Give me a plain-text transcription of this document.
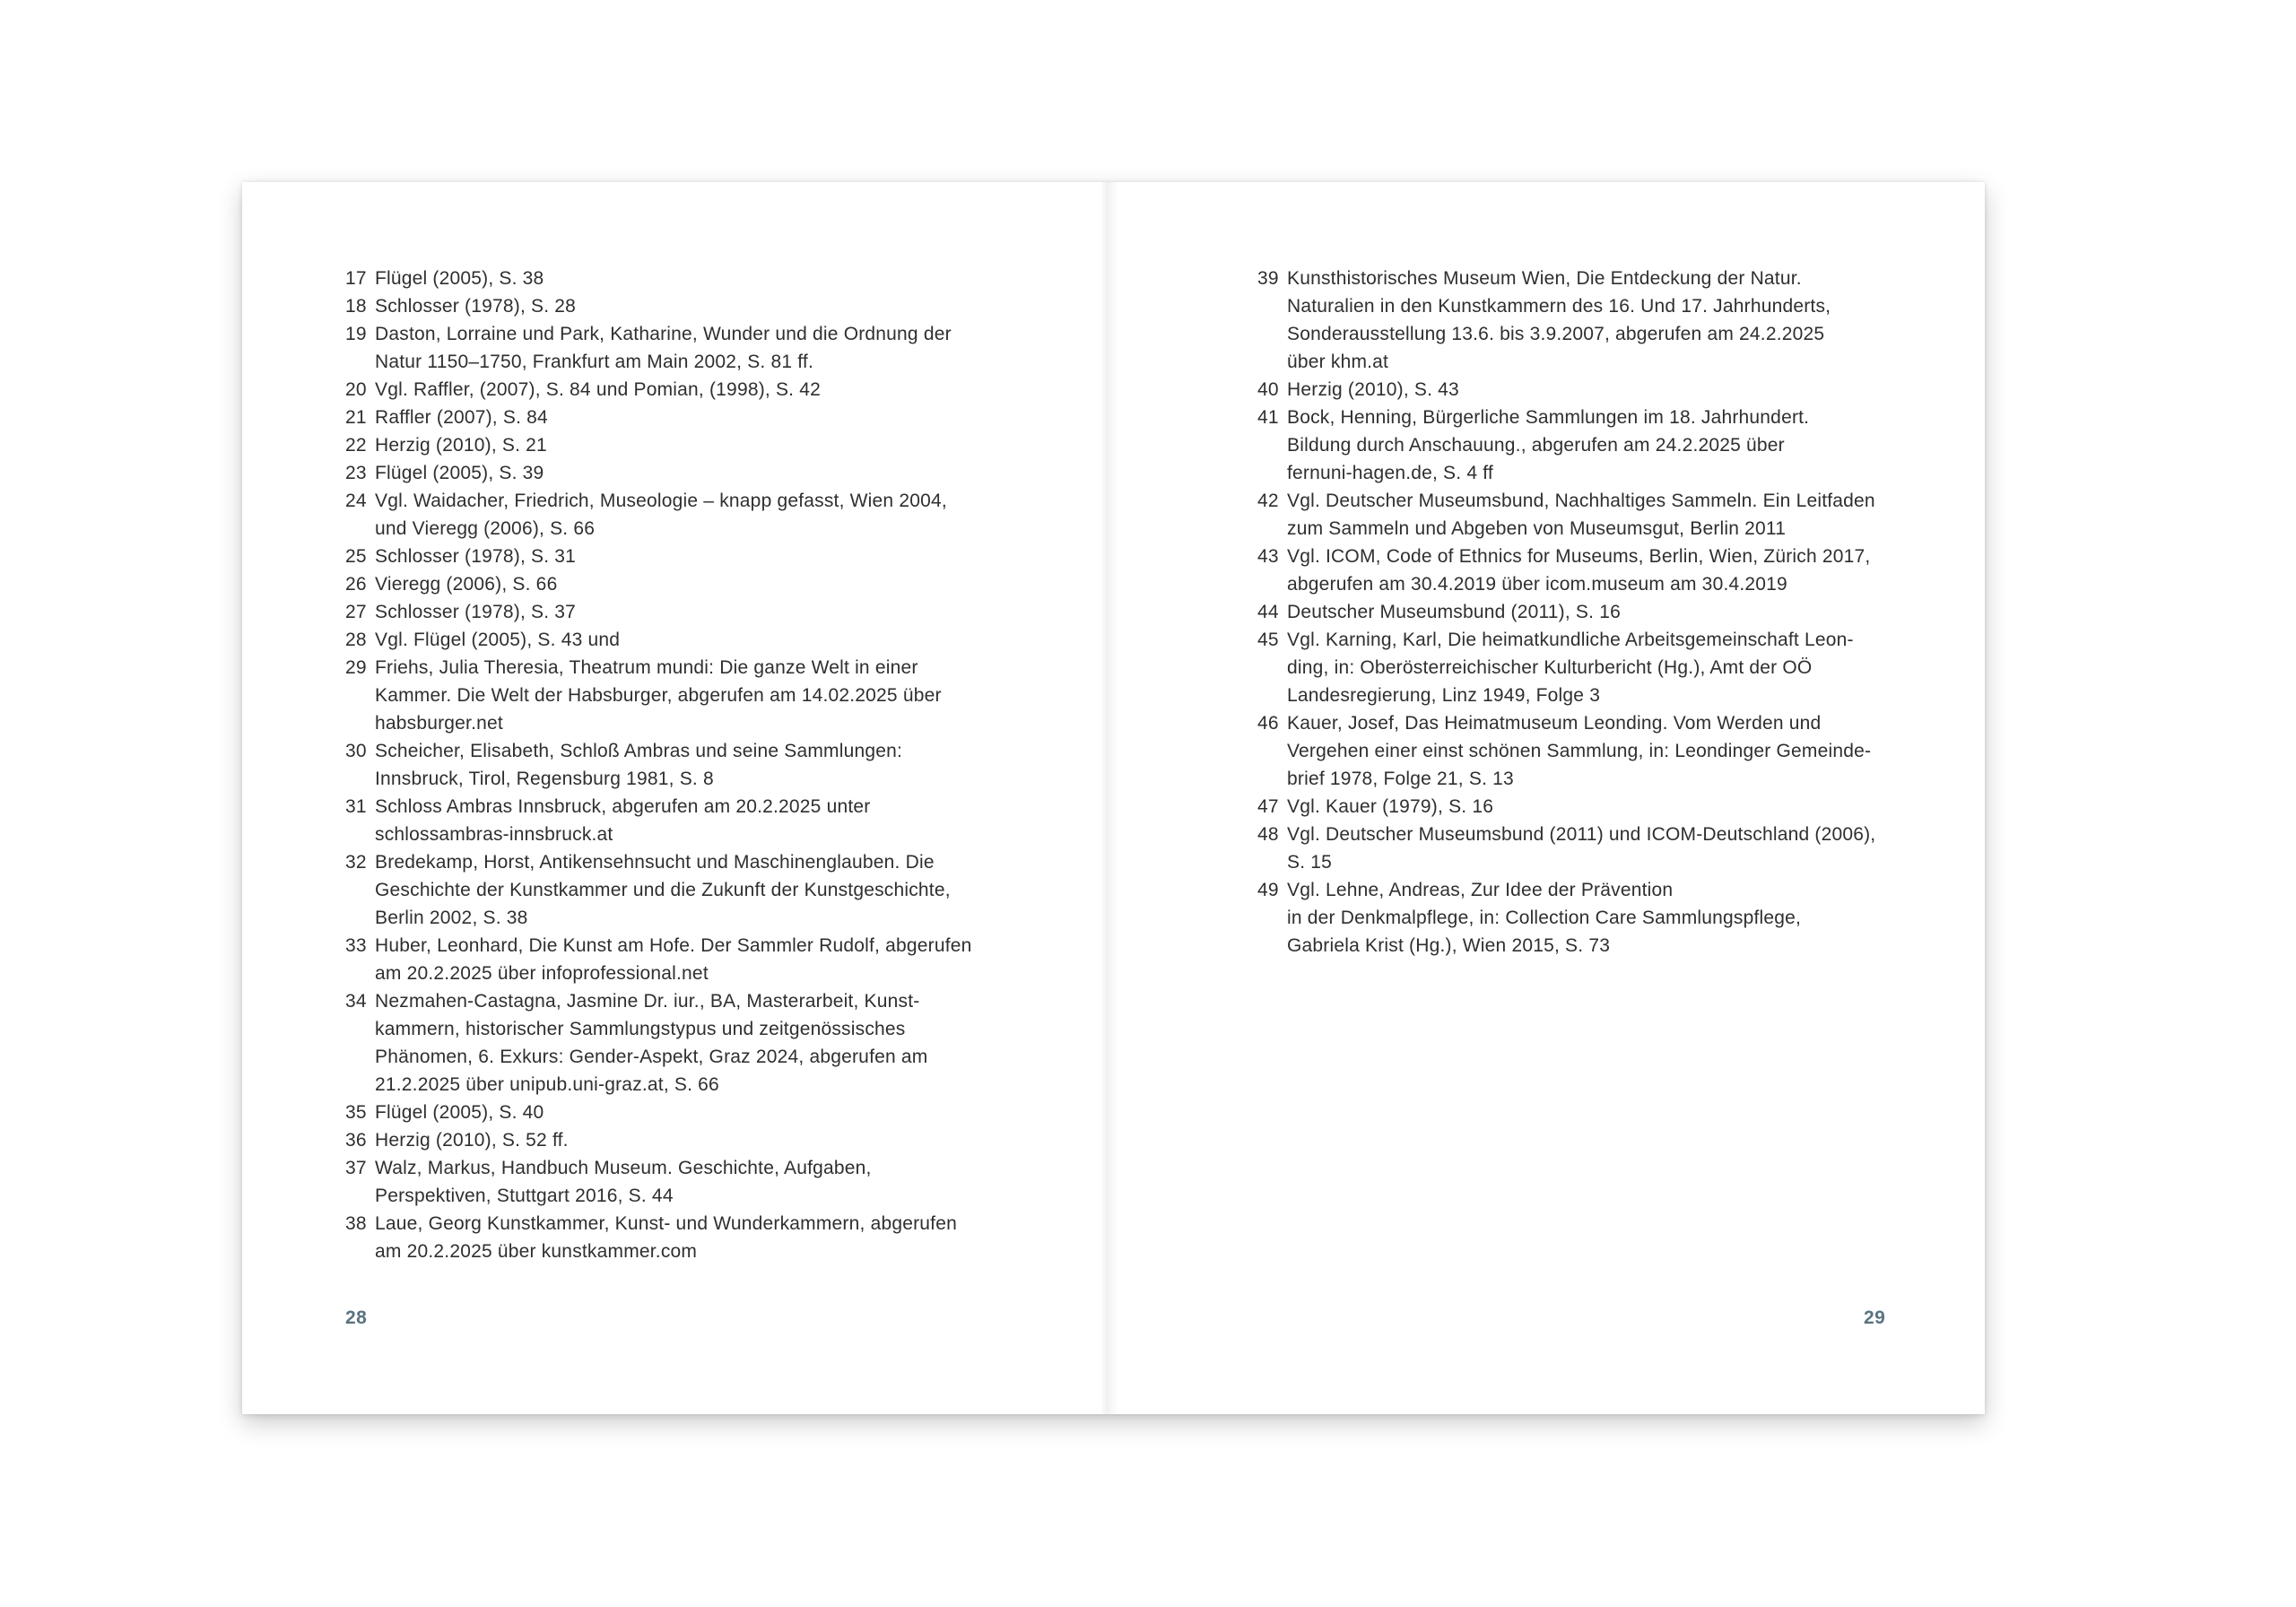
17 Flügel (2005), S. 38
18 Schlosser (1978), S. 28
19 Daston, Lorraine und Park, Katharine, Wunder und die Ordnung der
Natur 1150–1750, Frankfurt am Main 2002, S. 81 ff.
20 Vgl. Raffler, (2007), S. 84 und Pomian, (1998), S. 42
21 Raffler (2007), S. 84
22 Herzig (2010), S. 21
23 Flügel (2005), S. 39
24 Vgl. Waidacher, Friedrich, Museologie – knapp gefasst, Wien 2004,
und Vieregg (2006), S. 66
25 Schlosser (1978), S. 31
26 Vieregg (2006), S. 66
27 Schlosser (1978), S. 37
28 Vgl. Flügel (2005), S. 43 und
29 Friehs, Julia Theresia, Theatrum mundi: Die ganze Welt in einer
Kammer. Die Welt der Habsburger, abgerufen am 14.02.2025 über
habsburger.net
30 Scheicher, Elisabeth, Schloß Ambras und seine Sammlungen:
Innsbruck, Tirol, Regensburg 1981, S. 8
31 Schloss Ambras Innsbruck, abgerufen am 20.2.2025 unter
schlossambras-innsbruck.at
32 Bredekamp, Horst, Antikensehnsucht und Maschinenglauben. Die
Geschichte der Kunstkammer und die Zukunft der Kunstgeschichte,
Berlin 2002, S. 38
33 Huber, Leonhard, Die Kunst am Hofe. Der Sammler Rudolf, abgerufen
am 20.2.2025 über infoprofessional.net
34 Nezmahen-Castagna, Jasmine Dr. iur., BA, Masterarbeit, Kunst-
kammern, historischer Sammlungstypus und zeitgenössisches
Phänomen, 6. Exkurs: Gender-Aspekt, Graz 2024, abgerufen am
21.2.2025 über unipub.uni-graz.at, S. 66
35 Flügel (2005), S. 40
36 Herzig (2010), S. 52 ff.
37 Walz, Markus, Handbuch Museum. Geschichte, Aufgaben,
Perspektiven, Stuttgart 2016, S. 44
38 Laue, Georg Kunstkammer, Kunst- und Wunderkammern, abgerufen
am 20.2.2025 über kunstkammer.com
28
39 Kunsthistorisches Museum Wien, Die Entdeckung der Natur.
Naturalien in den Kunstkammern des 16. Und 17. Jahrhunderts,
Sonderausstellung 13.6. bis 3.9.2007, abgerufen am 24.2.2025
über khm.at
40 Herzig (2010), S. 43
41 Bock, Henning, Bürgerliche Sammlungen im 18. Jahrhundert.
Bildung durch Anschauung., abgerufen am 24.2.2025 über
fernuni-hagen.de, S. 4 ff
42 Vgl. Deutscher Museumsbund, Nachhaltiges Sammeln. Ein Leitfaden
zum Sammeln und Abgeben von Museumsgut, Berlin 2011
43 Vgl. ICOM, Code of Ethnics for Museums, Berlin, Wien, Zürich 2017,
abgerufen am 30.4.2019 über icom.museum am 30.4.2019
44 Deutscher Museumsbund (2011), S. 16
45 Vgl. Karning, Karl, Die heimatkundliche Arbeitsgemeinschaft Leon-
ding, in: Oberösterreichischer Kulturbericht (Hg.), Amt der OÖ
Landesregierung, Linz 1949, Folge 3
46 Kauer, Josef, Das Heimatmuseum Leonding. Vom Werden und
Vergehen einer einst schönen Sammlung, in: Leondinger Gemeinde-
brief 1978, Folge 21, S. 13
47 Vgl. Kauer (1979), S. 16
48 Vgl. Deutscher Museumsbund (2011) und ICOM-Deutschland (2006),
S. 15
49 Vgl. Lehne, Andreas, Zur Idee der Prävention
in der Denkmalpflege, in: Collection Care Sammlungspflege,
Gabriela Krist (Hg.), Wien 2015, S. 73
29
